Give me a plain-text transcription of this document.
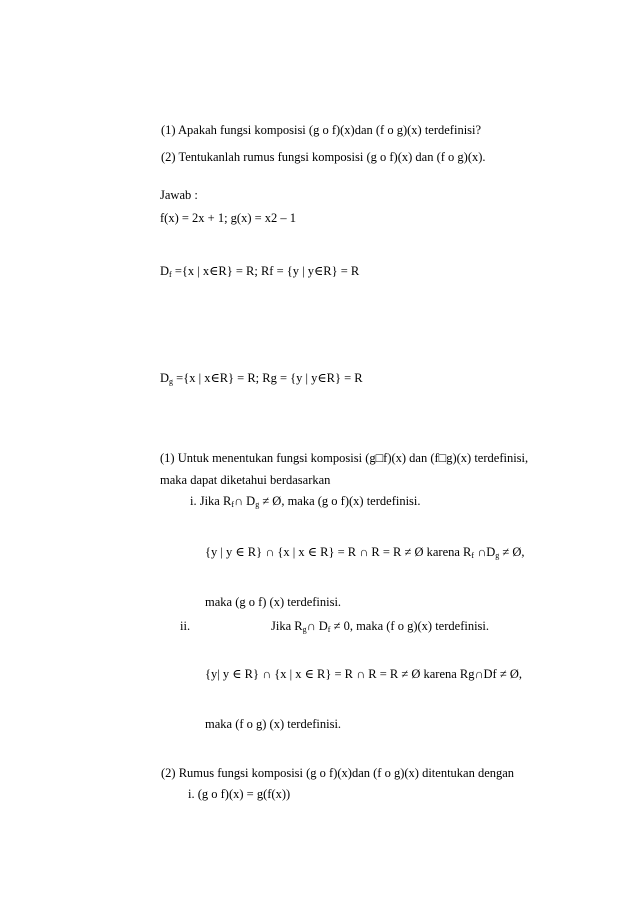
(1) Apakah fungsi komposisi (g o f)(x)dan (f o g)(x) terdefinisi?
(2) Tentukanlah rumus fungsi komposisi (g o f)(x) dan (f o g)(x).
Jawab :
f(x) = 2x + 1; g(x) = x2 – 1
$D_f =\{x$ | x∈R} = R; Rf = {y | y∈R} = R
$D_g =\{x$ | x∈R} = R; Rg = {y | y∈R} = R
(1) Untuk menentukan fungsi komposisi (g□f)(x) dan (f□g)(x) terdefinisi,
maka dapat diketahui berdasarkan
i. Jika $R_f\cap$ $D_g$ ≠ Ø, maka (g o f)(x) terdefinisi.
{y | y ∈ R} ∩ {x | x ∈ R} = R ∩ R = R ≠ Ø karena $R_f$ $\cap D_g$ ≠ Ø,
maka (g o f) (x) terdefinisi.
ii.	Jika $R_g\cap$ $D_f \ne 0$, maka (f o g)(x) terdefinisi.
{y| y ∈ R} ∩ {x | x ∈ R} = R ∩ R = R ≠ Ø karena Rg∩Df ≠ Ø,
maka (f o g) (x) terdefinisi.
(2) Rumus fungsi komposisi (g o f)(x)dan (f o g)(x) ditentukan dengan
i. (g o f)(x) = g(f(x))
